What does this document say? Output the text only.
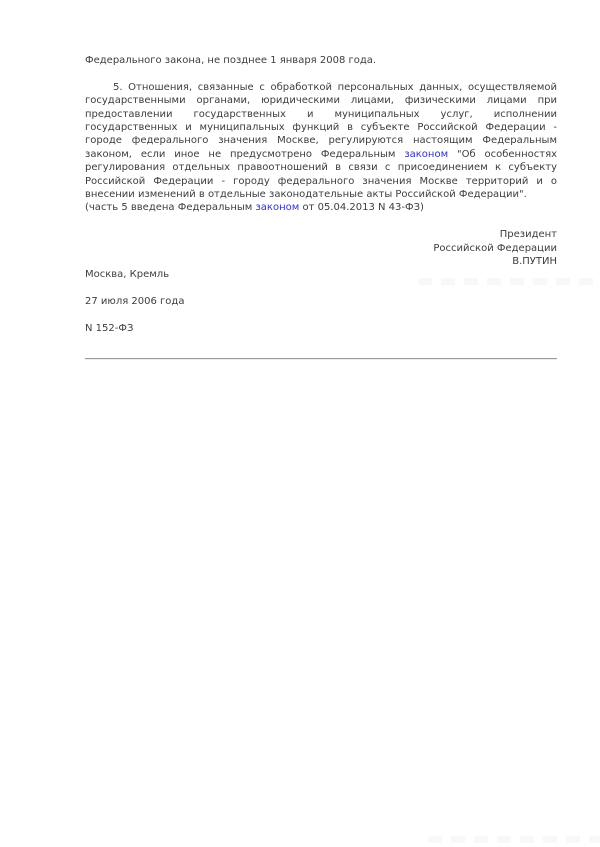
Федерального закона, не позднее 1 января 2008 года.

5. Отношения, связанные с обработкой персональных данных, осуществляемой государственными органами, юридическими лицами, физическими лицами при предоставлении государственных и муниципальных услуг, исполнении государственных и муниципальных функций в субъекте Российской Федерации - городе федерального значения Москве, регулируются настоящим Федеральным законом, если иное не предусмотрено Федеральным законом "Об особенностях регулирования отдельных правоотношений в связи с присоединением к субъекту Российской Федерации - городу федерального значения Москве территорий и о внесении изменений в отдельные законодательные акты Российской Федерации".

(часть 5 введена Федеральным законом от 05.04.2013 N 43-ФЗ)

Президент

Российской Федерации

В.ПУТИН

Москва, Кремль

27 июля 2006 года

N 152-ФЗ
